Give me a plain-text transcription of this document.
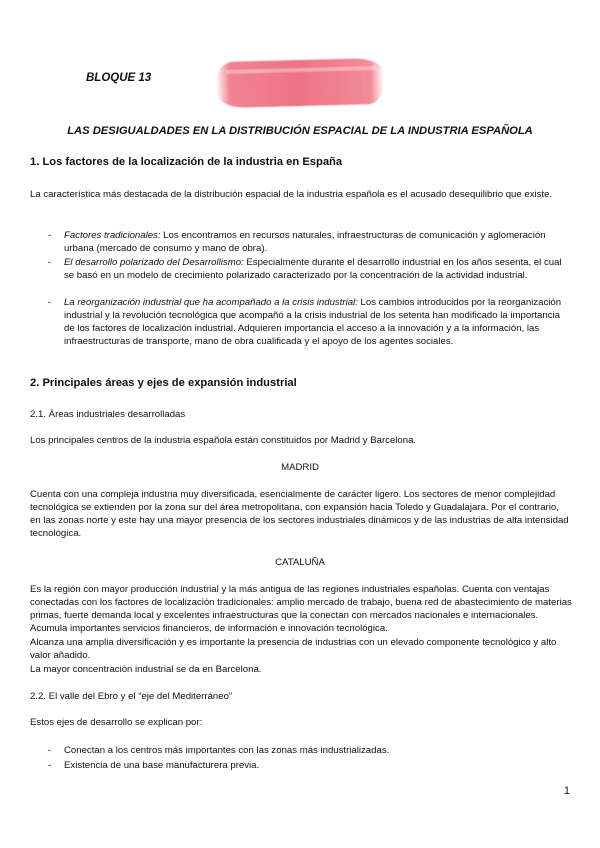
BLOQUE 13
LAS DESIGUALDADES EN LA DISTRIBUCIÓN ESPACIAL DE LA INDUSTRIA ESPAÑOLA
1. Los factores de la localización de la industria en España
La característica más destacada de la distribución espacial de la industria española es el acusado desequilibrio que existe.
- Factores tradicionales: Los encontramos en recursos naturales, infraestructuras de comunicación y aglomeración urbana (mercado de consumo y mano de obra).
- El desarrollo polarizado del Desarrollismo: Especialmente durante el desarrollo industrial en los años sesenta, el cual se basó en un modelo de crecimiento polarizado caracterizado por la concentración de la actividad industrial.
- La reorganización industrial que ha acompañado a la crisis industrial: Los cambios introducidos por la reorganización industrial y la revolución tecnológica que acompañó a la crisis industrial de los setenta han modificado la importancia de los factores de localización industrial. Adquieren importancia el acceso a la innovación y a la información, las infraestructuras de transporte, mano de obra cualificada y el apoyo de los agentes sociales.
2. Principales áreas y ejes de expansión industrial
2.1. Áreas industriales desarrolladas
Los principales centros de la industria española están constituidos por Madrid y Barcelona.
MADRID
Cuenta con una compleja industria muy diversificada, esencialmente de carácter ligero. Los sectores de menor complejidad tecnológica se extienden por la zona sur del área metropolitana, con expansión hacia Toledo y Guadalajara. Por el contrario, en las zonas norte y este hay una mayor presencia de los sectores industriales dinámicos y de las industrias de alta intensidad tecnológica.
CATALUÑA
Es la región con mayor producción industrial y la más antigua de las regiones industriales españolas. Cuenta con ventajas conectadas con los factores de localización tradicionales: amplio mercado de trabajo, buena red de abastecimiento de materias primas, fuerte demanda local y excelentes infraestructuras que la conectan con mercados nacionales e internacionales. Acumula importantes servicios financieros, de información e innovación tecnológica.
Alcanza una amplia diversificación y es importante la presencia de industrias con un elevado componente tecnológico y alto valor añadido.
La mayor concentración industrial se da en Barcelona.
2.2. El valle del Ebro y el “eje del Mediterráneo”
Estos ejes de desarrollo se explican por:
- Conectan a los centros más importantes con las zonas más industrializadas.
- Existencia de una base manufacturera previa.
1
